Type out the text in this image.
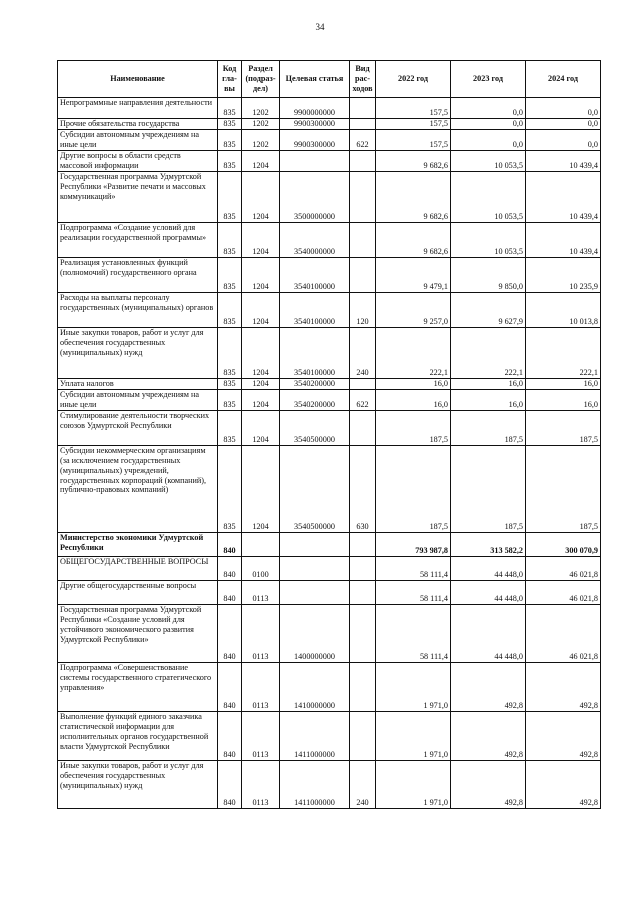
34
Наименование	Код гла-вы	Раздел (подраз-дел)	Целевая статья	Вид рас-ходов	2022 год	2023 год	2024 год
Непрограммные направления деятельности	835	1202	9900000000		157,5	0,0	0,0
Прочие обязательства государства	835	1202	9900300000		157,5	0,0	0,0
Субсидии автономным учреждениям на иные цели	835	1202	9900300000	622	157,5	0,0	0,0
Другие вопросы в области средств массовой информации	835	1204			9 682,6	10 053,5	10 439,4
Государственная программа Удмуртской Республики «Развитие печати и массовых коммуникаций»	835	1204	3500000000		9 682,6	10 053,5	10 439,4
Подпрограмма «Создание условий для реализации государственной программы»	835	1204	3540000000		9 682,6	10 053,5	10 439,4
Реализация установленных функций (полномочий) государственного органа	835	1204	3540100000		9 479,1	9 850,0	10 235,9
Расходы на выплаты персоналу государственных (муниципальных) органов	835	1204	3540100000	120	9 257,0	9 627,9	10 013,8
Иные закупки товаров, работ и услуг для обеспечения государственных (муниципальных) нужд	835	1204	3540100000	240	222,1	222,1	222,1
Уплата налогов	835	1204	3540200000		16,0	16,0	16,0
Субсидии автономным учреждениям на иные цели	835	1204	3540200000	622	16,0	16,0	16,0
Стимулирование деятельности творческих союзов Удмуртской Республики	835	1204	3540500000		187,5	187,5	187,5
Субсидии некоммерческим организациям (за исключением государственных (муниципальных) учреждений, государственных корпораций (компаний), публично-правовых компаний)	835	1204	3540500000	630	187,5	187,5	187,5
Министерство экономики Удмуртской Республики	840				793 987,8	313 582,2	300 070,9
ОБЩЕГОСУДАРСТВЕННЫЕ ВОПРОСЫ	840	0100			58 111,4	44 448,0	46 021,8
Другие общегосударственные вопросы	840	0113			58 111,4	44 448,0	46 021,8
Государственная программа Удмуртской Республики «Создание условий для устойчивого экономического развития Удмуртской Республики»	840	0113	1400000000		58 111,4	44 448,0	46 021,8
Подпрограмма «Совершенствование системы государственного стратегического управления»	840	0113	1410000000		1 971,0	492,8	492,8
Выполнение функций единого заказчика статистической информации для исполнительных органов государственной власти Удмуртской Республики	840	0113	1411000000		1 971,0	492,8	492,8
Иные закупки товаров, работ и услуг для обеспечения государственных (муниципальных) нужд	840	0113	1411000000	240	1 971,0	492,8	492,8
